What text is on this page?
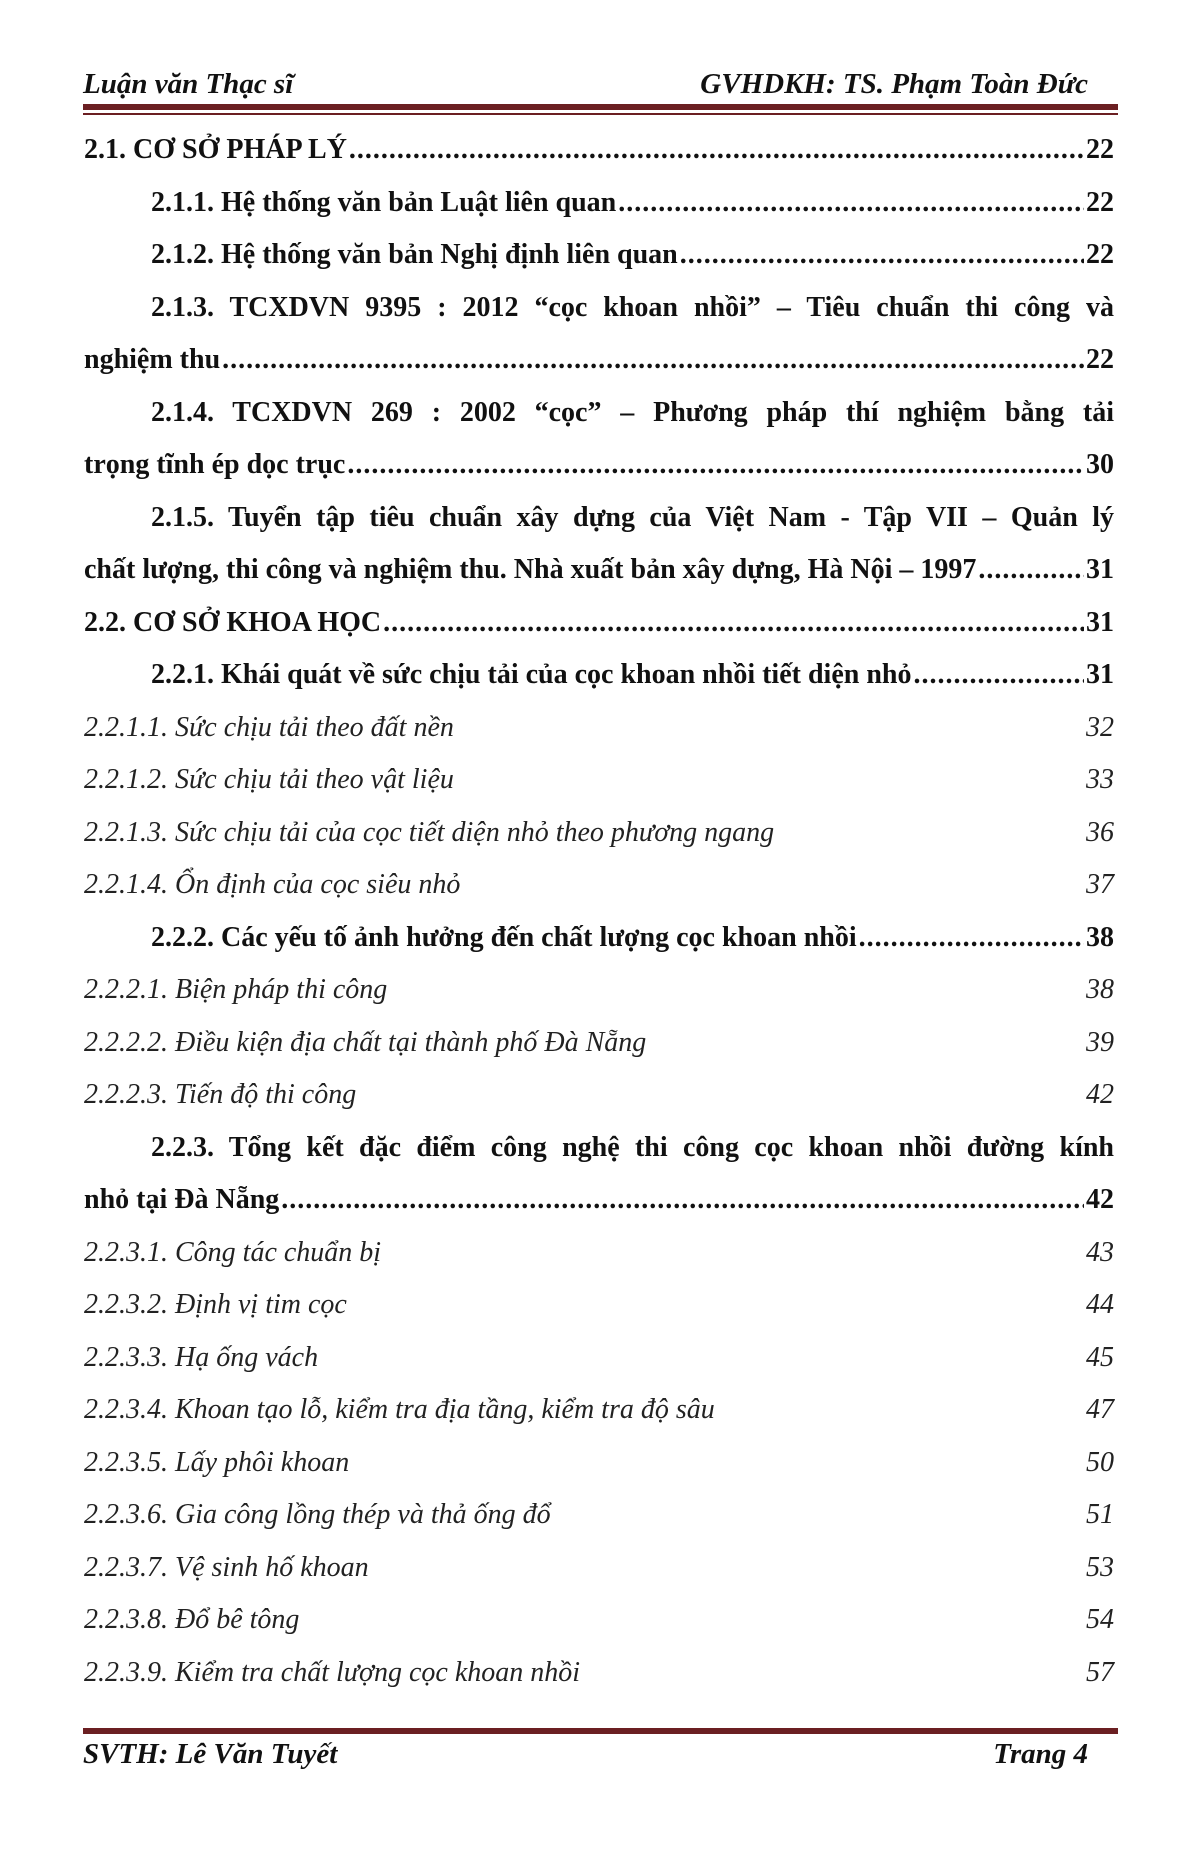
Luận văn Thạc sĩ	GVHDKH: TS. Phạm Toàn Đức
2.1. CƠ SỞ PHÁP LÝ .....	22
2.1.1. Hệ thống văn bản Luật liên quan .....	22
2.1.2. Hệ thống văn bản Nghị định liên quan .....	22
2.1.3. TCXDVN 9395 : 2012 “cọc khoan nhồi” – Tiêu chuẩn thi công và
nghiệm thu .....	22
2.1.4. TCXDVN 269 : 2002 “cọc” – Phương pháp thí nghiệm bằng tải
trọng tĩnh ép dọc trục .....	30
2.1.5. Tuyển tập tiêu chuẩn xây dựng của Việt Nam - Tập VII – Quản lý
chất lượng, thi công và nghiệm thu. Nhà xuất bản xây dựng, Hà Nội – 1997 .....	31
2.2. CƠ SỞ KHOA HỌC .....	31
2.2.1. Khái quát về sức chịu tải của cọc khoan nhồi tiết diện nhỏ .....	31
2.2.1.1. Sức chịu tải theo đất nền	32
2.2.1.2. Sức chịu tải theo vật liệu	33
2.2.1.3. Sức chịu tải của cọc tiết diện nhỏ theo phương ngang	36
2.2.1.4. Ổn định của cọc siêu nhỏ	37
2.2.2. Các yếu tố ảnh hưởng đến chất lượng cọc khoan nhồi .....	38
2.2.2.1. Biện pháp thi công	38
2.2.2.2. Điều kiện địa chất tại thành phố Đà Nẵng	39
2.2.2.3. Tiến độ thi công	42
2.2.3. Tổng kết đặc điểm công nghệ thi công cọc khoan nhồi đường kính
nhỏ tại Đà Nẵng .....	42
2.2.3.1. Công tác chuẩn bị	43
2.2.3.2. Định vị tim cọc	44
2.2.3.3. Hạ ống vách	45
2.2.3.4. Khoan tạo lỗ, kiểm tra địa tầng, kiểm tra độ sâu	47
2.2.3.5. Lấy phôi khoan	50
2.2.3.6. Gia công lồng thép và thả ống đổ	51
2.2.3.7. Vệ sinh hố khoan	53
2.2.3.8. Đổ bê tông	54
2.2.3.9. Kiểm tra chất lượng cọc khoan nhồi	57
SVTH: Lê Văn Tuyết	Trang 4
